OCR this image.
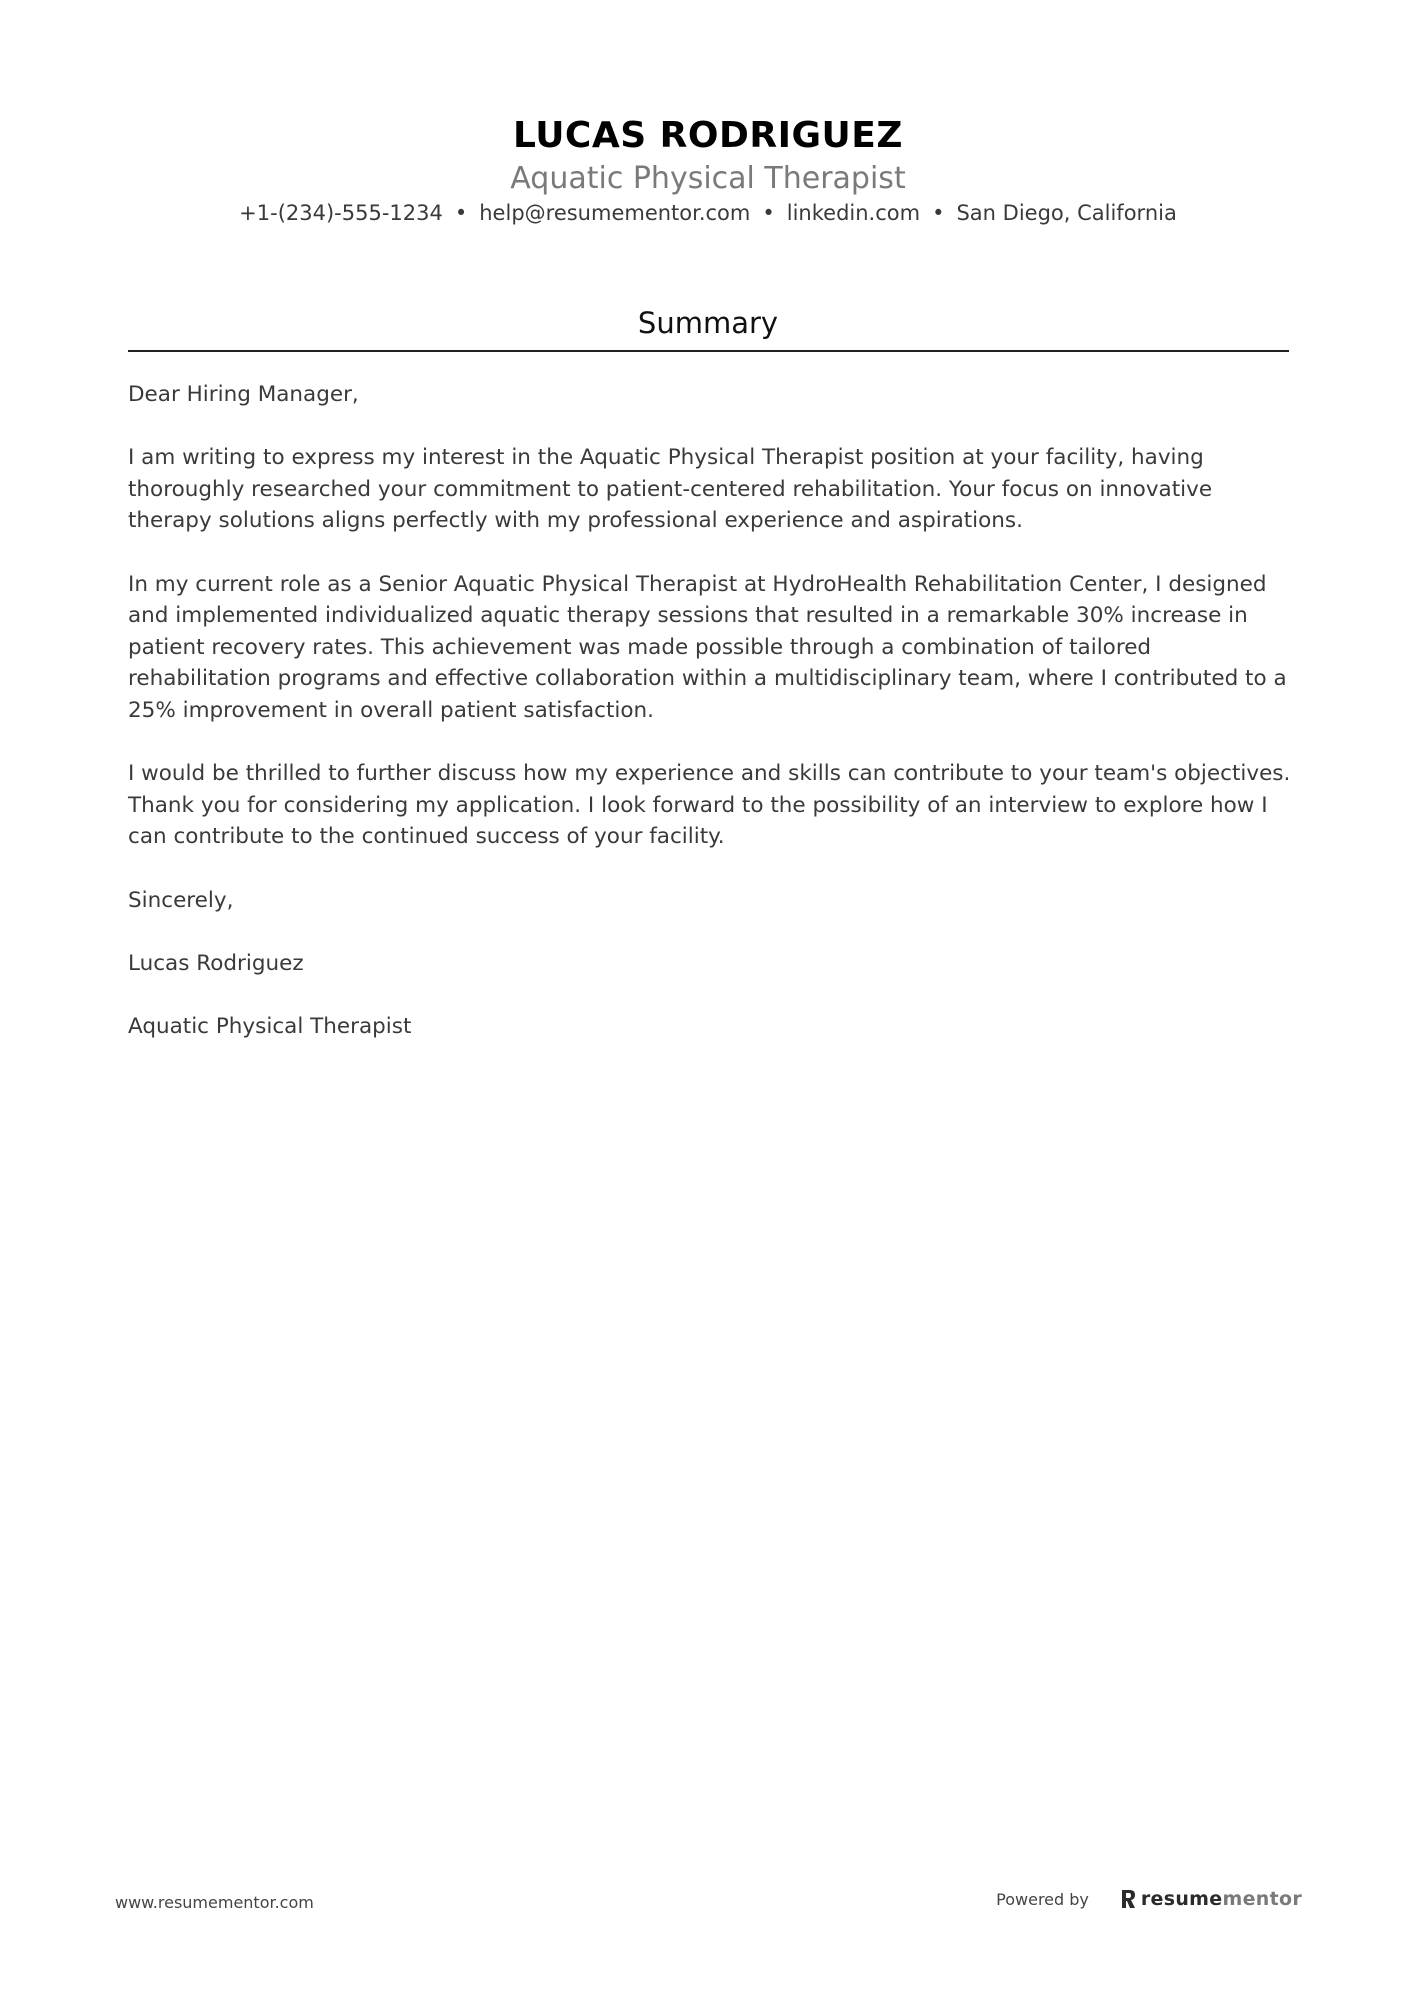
LUCAS RODRIGUEZ
Aquatic Physical Therapist
+1-(234)-555-1234 • help@resumementor.com • linkedin.com • San Diego, California
Summary

Dear Hiring Manager,

I am writing to express my interest in the Aquatic Physical Therapist position at your facility, having thoroughly researched your commitment to patient-centered rehabilitation. Your focus on innovative therapy solutions aligns perfectly with my professional experience and aspirations.

In my current role as a Senior Aquatic Physical Therapist at HydroHealth Rehabilitation Center, I designed and implemented individualized aquatic therapy sessions that resulted in a remarkable 30% increase in patient recovery rates. This achievement was made possible through a combination of tailored rehabilitation programs and effective collaboration within a multidisciplinary team, where I contributed to a 25% improvement in overall patient satisfaction.

I would be thrilled to further discuss how my experience and skills can contribute to your team's objectives. Thank you for considering my application. I look forward to the possibility of an interview to explore how I can contribute to the continued success of your facility.

Sincerely,

Lucas Rodriguez

Aquatic Physical Therapist

www.resumementor.com	Powered by	resume mentor
